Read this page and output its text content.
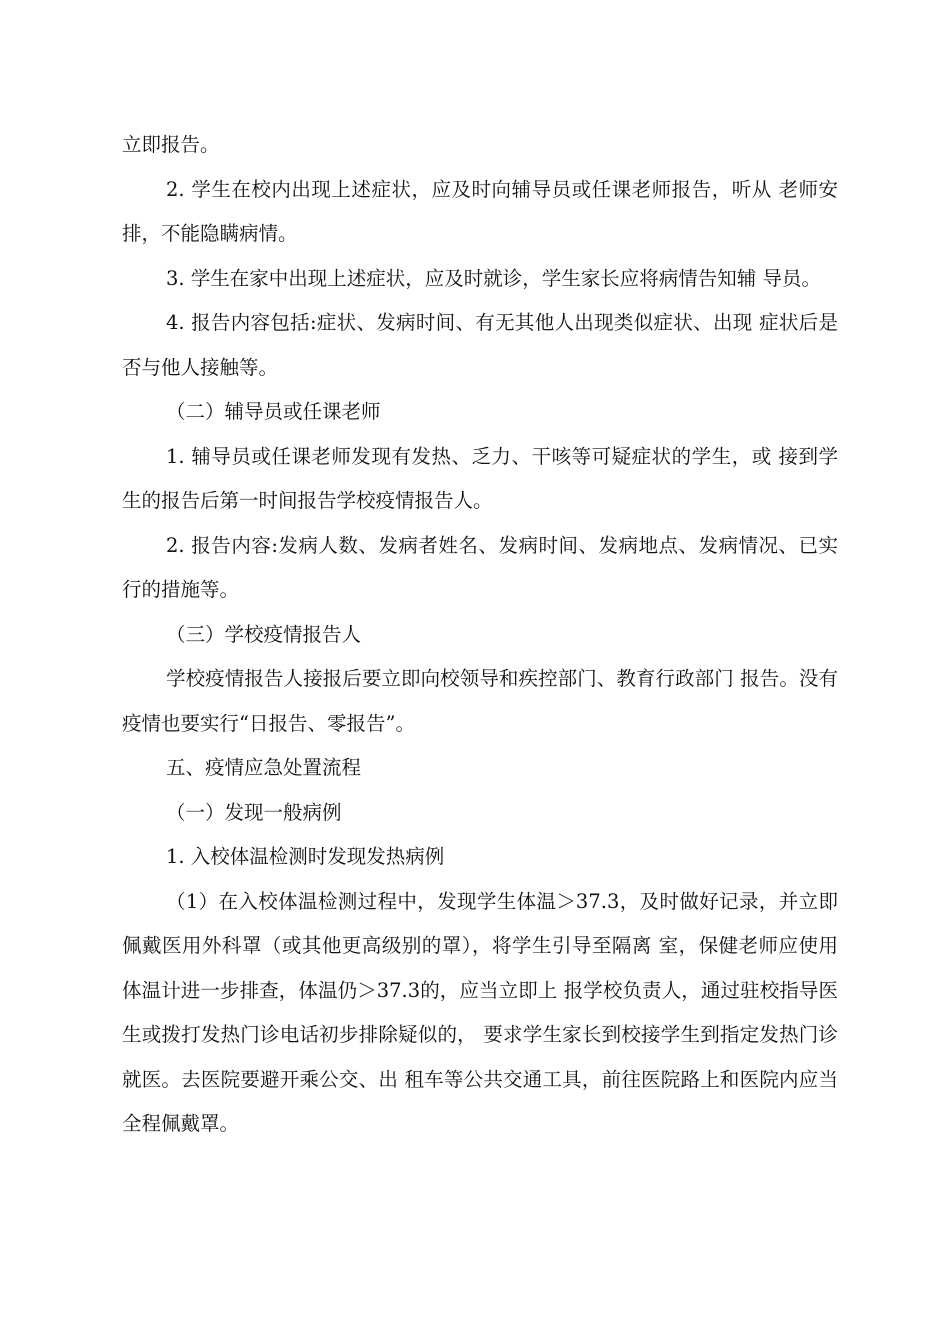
立即报告。

2. 学生在校内出现上述症状，应及时向辅导员或任课老师报告，听从 老师安排，不能隐瞒病情。

3. 学生在家中出现上述症状，应及时就诊，学生家长应将病情告知辅 导员。

4. 报告内容包括:症状、发病时间、有无其他人出现类似症状、出现 症状后是否与他人接触等。

（二）辅导员或任课老师

1. 辅导员或任课老师发现有发热、乏力、干咳等可疑症状的学生，或 接到学生的报告后第一时间报告学校疫情报告人。

2. 报告内容:发病人数、发病者姓名、发病时间、发病地点、发病情况、已实行的措施等。

（三）学校疫情报告人

学校疫情报告人接报后要立即向校领导和疾控部门、教育行政部门 报告。没有疫情也要实行“日报告、零报告”。

五、疫情应急处置流程

（一）发现一般病例

1. 入校体温检测时发现发热病例

（1）在入校体温检测过程中，发现学生体温＞37.3，及时做好记录，并立即佩戴医用外科罩（或其他更高级别的罩），将学生引导至隔离 室，保健老师应使用体温计进一步排查，体温仍＞37.3的，应当立即上 报学校负责人，通过驻校指导医生或拨打发热门诊电话初步排除疑似的， 要求学生家长到校接学生到指定发热门诊就医。去医院要避开乘公交、出 租车等公共交通工具，前往医院路上和医院内应当全程佩戴罩。
